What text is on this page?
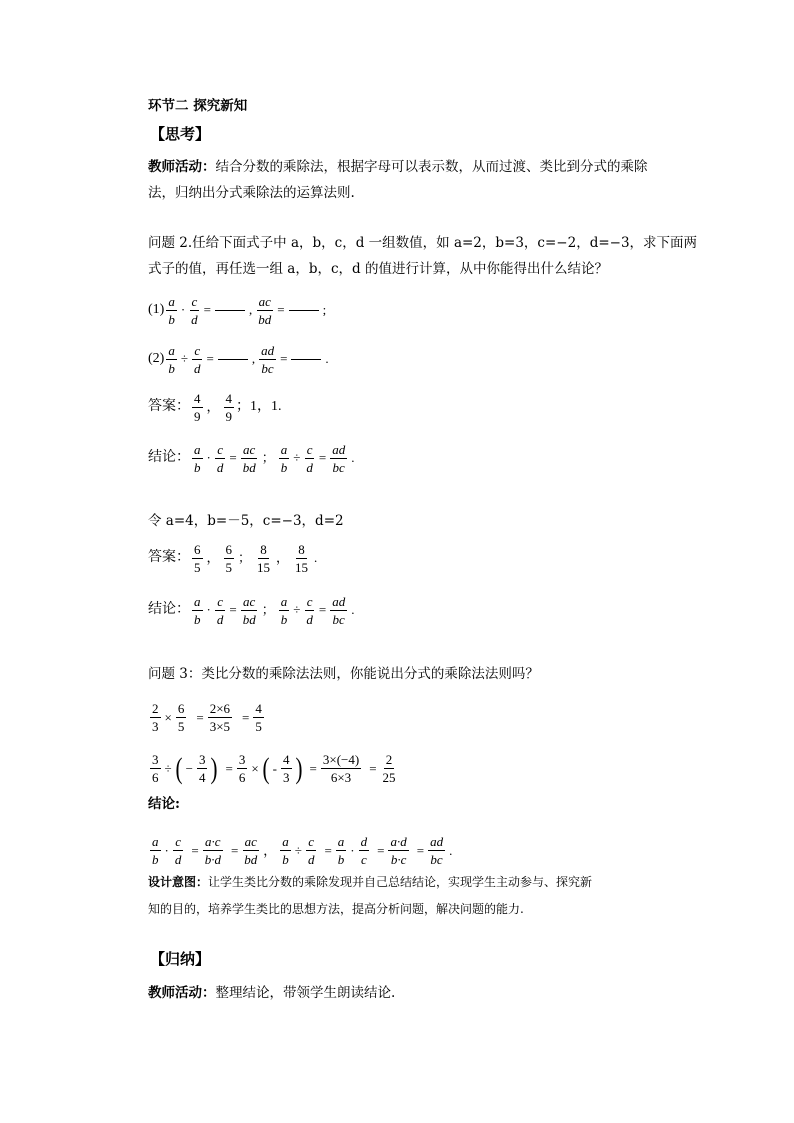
环节二 探究新知
【思考】
教师活动：结合分数的乘除法，根据字母可以表示数，从而过渡、类比到分式的乘除
法，归纳出分式乘除法的运算法则.
问题 2.任给下面式子中 a，b，c，d 一组数值，如 a=2，b=3，c=−2，d=−3，求下面两
式子的值，再任选一组 a，b，c，d 的值进行计算，从中你能得出什么结论？
$(1) \frac{a}{b} \cdot \frac{c}{d}$ =	, $\frac{ac}{bd}$ =	;
$(2) \frac{a}{b} \div \frac{c}{d}$ =	, $\frac{ad}{bc}$ =	.
答案： $\frac{4}{9}$ ， $\frac{4}{9}$ ；1，1.
结论： $\frac{a}{b} \cdot \frac{c}{d} = \frac{ac}{bd}$ ； $\frac{a}{b} \div \frac{c}{d} = \frac{ad}{bc}$ .
令 a=4，b=－5，c=−3，d=2
答案： $\frac{6}{5}$ ， $\frac{6}{5}$ ； $\frac{8}{15}$ ， $\frac{8}{15}$ .
结论： $\frac{a}{b} \cdot \frac{c}{d} = \frac{ac}{bd}$ ； $\frac{a}{b} \div \frac{c}{d} = \frac{ad}{bc}$ .
问题 3：类比分数的乘除法法则，你能说出分式的乘除法法则吗？
$\frac{2}{3} \times \frac{6}{5} = \frac{2\times 6}{3\times 5} = \frac{4}{5}$
$\frac{3}{6}$ ÷ ( − $\frac{3}{4}$ ) = $\frac{3}{6}$ × ( - $\frac{4}{3}$ ) = $\frac{3\times(-4)}{6\times 3} = \frac{2}{25}$
结论:
$\frac{a}{b} \cdot \frac{c}{d} = \frac{a\cdot c}{b\cdot d} = \frac{ac}{bd}$ ， $\frac{a}{b} \div \frac{c}{d} = \frac{a}{b} \cdot \frac{d}{c} = \frac{a\cdot d}{b\cdot c} = \frac{ad}{bc}$ .
设计意图：让学生类比分数的乘除发现并自己总结结论，实现学生主动参与、探究新
知的目的，培养学生类比的思想方法，提高分析问题，解决问题的能力.
【归纳】
教师活动：整理结论，带领学生朗读结论.
